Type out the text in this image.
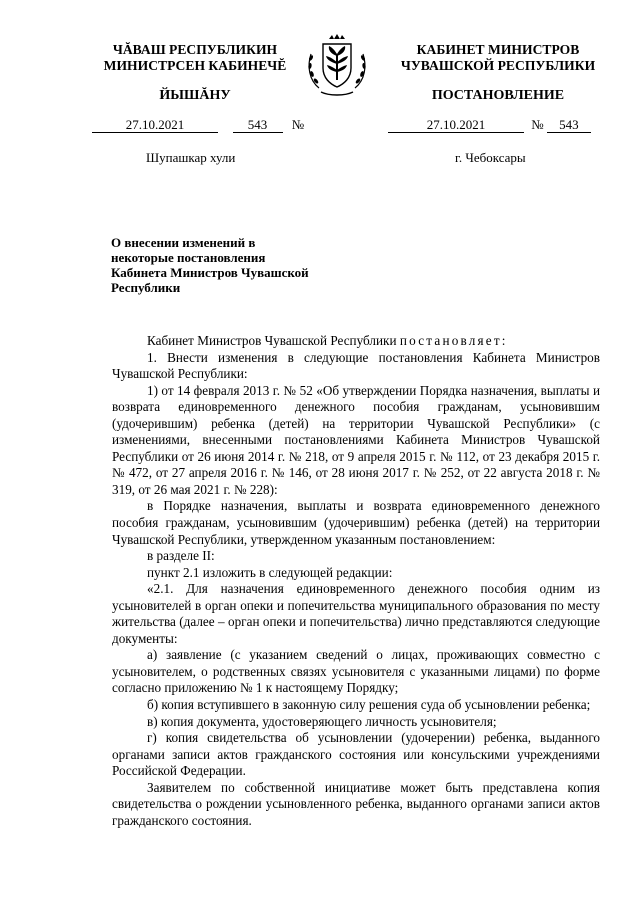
ЧĂВАШ РЕСПУБЛИКИН
МИНИСТРСЕН КАБИНЕЧĔ
ЙЫШĂНУ
КАБИНЕТ МИНИСТРОВ
ЧУВАШСКОЙ РЕСПУБЛИКИ
ПОСТАНОВЛЕНИЕ
27.10.2021	543 №	27.10.2021	№ 543
Шупашкар хули	г. Чебоксары
О внесении изменений в некоторые постановления Кабинета Министров Чувашской Республики

Кабинет Министров Чувашской Республики постановляет:

1. Внести изменения в следующие постановления Кабинета Министров Чувашской Республики:

1) от 14 февраля 2013 г. № 52 «Об утверждении Порядка назначения, выплаты и возврата единовременного денежного пособия гражданам, усыновившим (удочерившим) ребенка (детей) на территории Чувашской Республики» (с изменениями, внесенными постановлениями Кабинета Министров Чувашской Республики от 26 июня 2014 г. № 218, от 9 апреля 2015 г. № 112, от 23 декабря 2015 г. № 472, от 27 апреля 2016 г. № 146, от 28 июня 2017 г. № 252, от 22 августа 2018 г. № 319, от 26 мая 2021 г. № 228):

в Порядке назначения, выплаты и возврата единовременного денежного пособия гражданам, усыновившим (удочерившим) ребенка (детей) на территории Чувашской Республики, утвержденном указанным постановлением:

в разделе II:

пункт 2.1 изложить в следующей редакции:

«2.1. Для назначения единовременного денежного пособия одним из усыновителей в орган опеки и попечительства муниципального образования по месту жительства (далее – орган опеки и попечительства) лично представляются следующие документы:

а) заявление (с указанием сведений о лицах, проживающих совместно с усыновителем, о родственных связях усыновителя с указанными лицами) по форме согласно приложению № 1 к настоящему Порядку;

б) копия вступившего в законную силу решения суда об усыновлении ребенка;

в) копия документа, удостоверяющего личность усыновителя;

г) копия свидетельства об усыновлении (удочерении) ребенка, выданного органами записи актов гражданского состояния или консульскими учреждениями Российской Федерации.

Заявителем по собственной инициативе может быть представлена копия свидетельства о рождении усыновленного ребенка, выданного органами записи актов гражданского состояния.
